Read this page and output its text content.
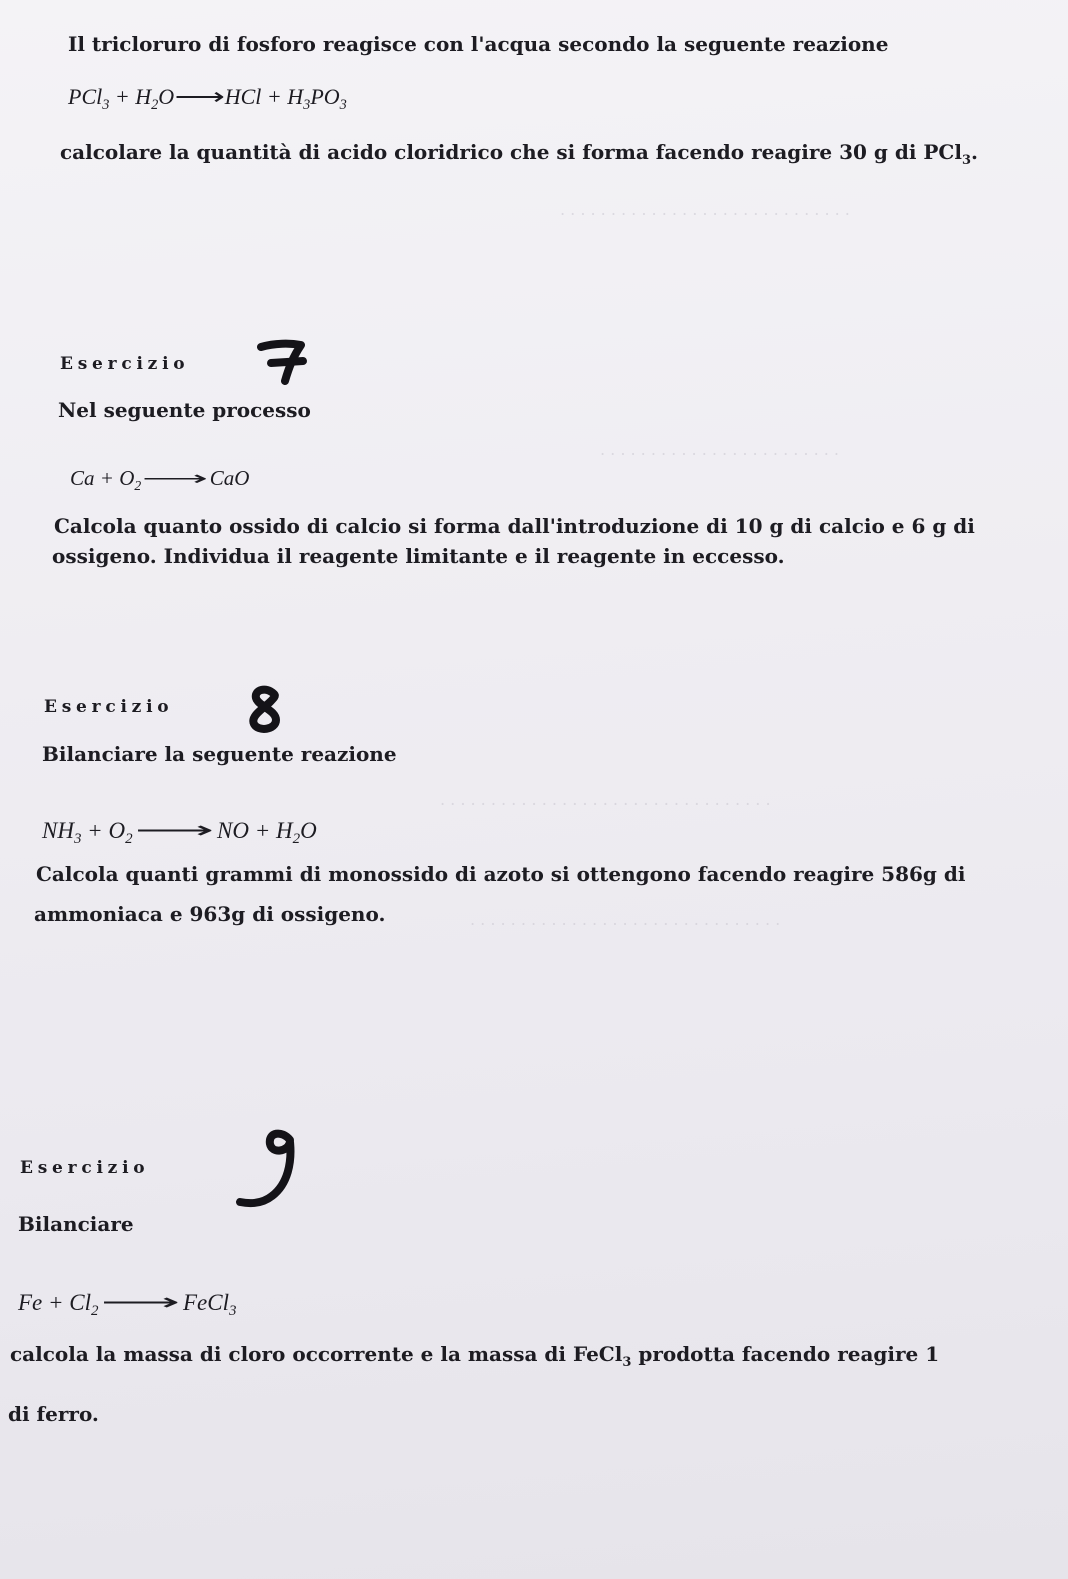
. . . . . . . . . . . . . . . . . . . . . . . . . . . . .
. . . . . . . . . . . . . . . . . . . . . . . .
. . . . . . . . . . . . . . . . . . . . . . . . . . . . . . . . .
. . . . . . . . . . . . . . . . . . . . . . . . . . . . . . .
Il tricloruro di fosforo reagisce con l'acqua secondo la seguente reazione
$PCl_3 + H_2O$ ⟶ HCl + $H_3PO_3$
calcolare la quantità di acido cloridrico che si forma facendo reagire 30 g di PCl$_3$.
Esercizio
Nel seguente processo
$Ca + O_2$ ⟶ CaO
Calcola quanto ossido di calcio si forma dall'introduzione di 10 g di calcio e 6 g di
ossigeno. Individua il reagente limitante e il reagente in eccesso.
Esercizio
Bilanciare la seguente reazione
$NH_3 + O_2$ ⟶ NO + $H_2O$
Calcola quanti grammi di monossido di azoto si ottengono facendo reagire 586g di
ammoniaca e 963g di ossigeno.
Esercizio
Bilanciare
$Fe + Cl_2$ ⟶ FeCl$_3$
calcola la massa di cloro occorrente e la massa di FeCl$_3$ prodotta facendo reagire 1
di ferro.
